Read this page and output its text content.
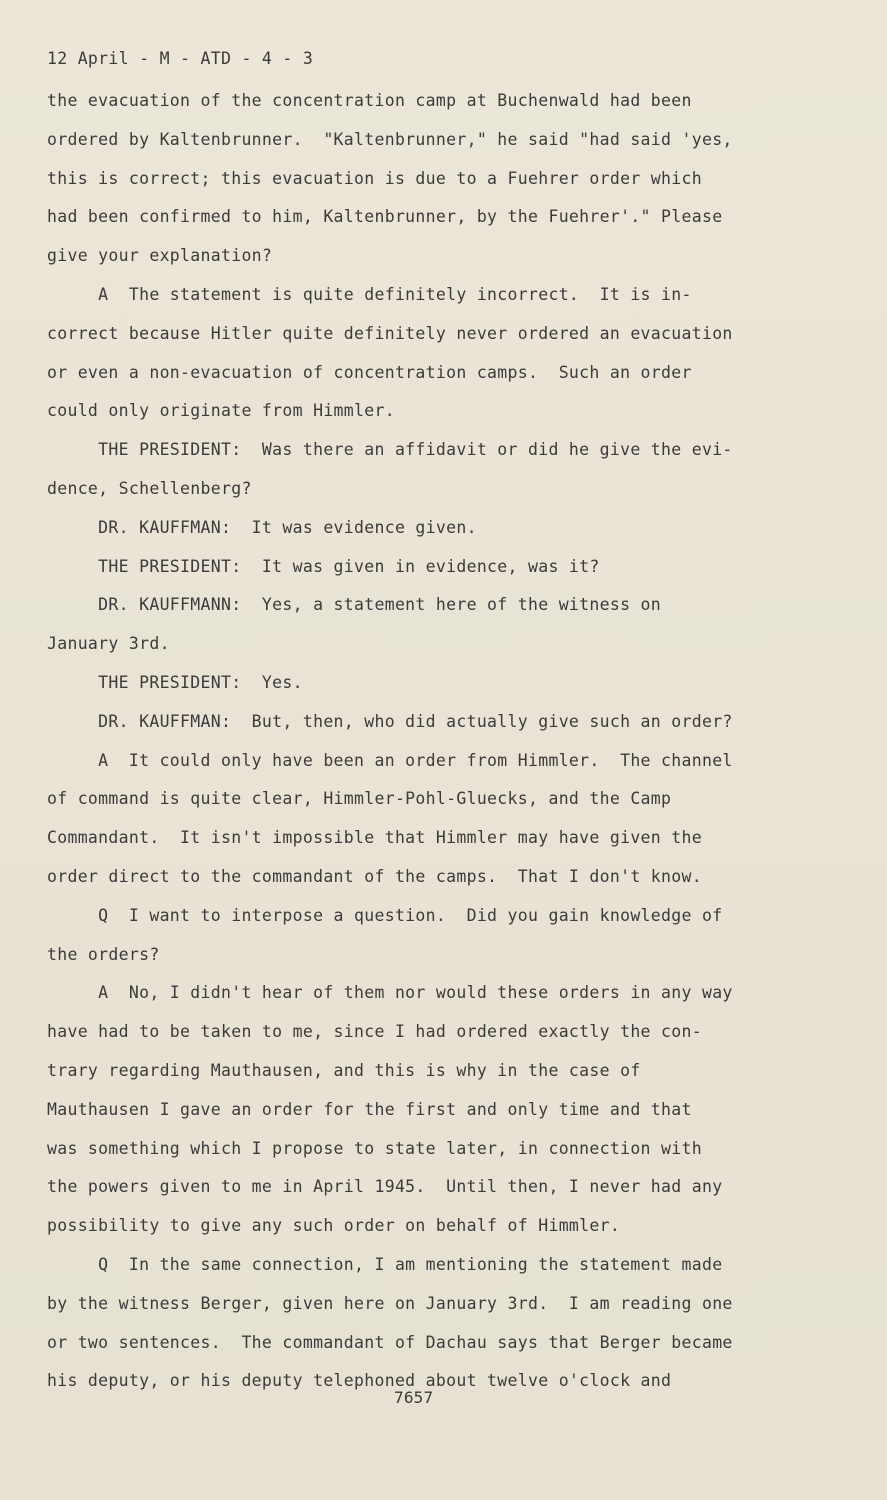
12 April - M - ATD - 4 - 3
the evacuation of the concentration camp at Buchenwald had been
ordered by Kaltenbrunner.  "Kaltenbrunner," he said "had said 'yes,
this is correct; this evacuation is due to a Fuehrer order which
had been confirmed to him, Kaltenbrunner, by the Fuehrer'." Please
give your explanation?
A  The statement is quite definitely incorrect.  It is in-
correct because Hitler quite definitely never ordered an evacuation
or even a non-evacuation of concentration camps.  Such an order
could only originate from Himmler.
THE PRESIDENT:  Was there an affidavit or did he give the evi-
dence, Schellenberg?
DR. KAUFFMAN:  It was evidence given.
THE PRESIDENT:  It was given in evidence, was it?
DR. KAUFFMANN:  Yes, a statement here of the witness on
January 3rd.
THE PRESIDENT:  Yes.
DR. KAUFFMAN:  But, then, who did actually give such an order?
A  It could only have been an order from Himmler.  The channel
of command is quite clear, Himmler-Pohl-Gluecks, and the Camp
Commandant.  It isn't impossible that Himmler may have given the
order direct to the commandant of the camps.  That I don't know.
Q  I want to interpose a question.  Did you gain knowledge of
the orders?
A  No, I didn't hear of them nor would these orders in any way
have had to be taken to me, since I had ordered exactly the con-
trary regarding Mauthausen, and this is why in the case of
Mauthausen I gave an order for the first and only time and that
was something which I propose to state later, in connection with
the powers given to me in April 1945.  Until then, I never had any
possibility to give any such order on behalf of Himmler.
Q  In the same connection, I am mentioning the statement made
by the witness Berger, given here on January 3rd.  I am reading one
or two sentences.  The commandant of Dachau says that Berger became
his deputy, or his deputy telephoned about twelve o'clock and
7657
